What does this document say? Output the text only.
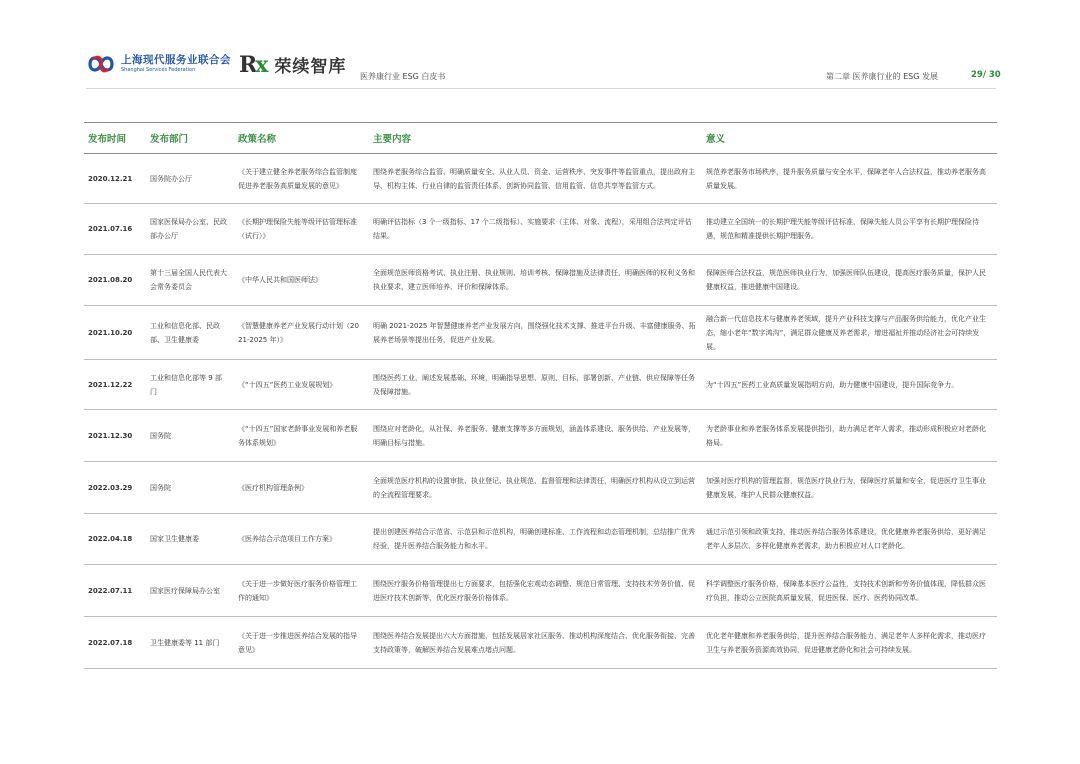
上海现代服务业联合会
Shanghai Services Federation	Rx 荣续智库 医养康行业 ESG 白皮书	第二章 医养康行业的 ESG 发展	29/ 30
发布时间	发布部门	政策名称	主要内容	意义
2020.12.21	国务院办公厅	《关于建立健全养老服务综合监管制度促进养老服务高质量发展的意见》	围绕养老服务综合监管，明确质量安全、从业人员、资金、运营秩序、突发事件等监管重点，提出政府主导、机构主体、行业自律的监管责任体系，创新协同监管、信用监管、信息共享等监管方式。	规范养老服务市场秩序，提升服务质量与安全水平，保障老年人合法权益，推动养老服务高质量发展。
2021.07.16	国家医保局办公室、民政部办公厅	《长期护理保险失能等级评估管理标准（试行）》	明确评估指标（3 个一级指标、17 个二级指标）、实施要求（主体、对象、流程），采用组合法判定评估结果。	推动建立全国统一的长期护理失能等级评估标准，保障失能人员公平享有长期护理保险待遇，规范和精准提供长期护理服务。
2021.08.20	第十三届全国人民代表大会常务委员会	《中华人民共和国医师法》	全面规范医师资格考试、执业注册、执业规则、培训考核、保障措施及法律责任，明确医师的权利义务和执业要求，建立医师培养、评价和保障体系。	保障医师合法权益，规范医师执业行为，加强医师队伍建设，提高医疗服务质量，保护人民健康权益，推进健康中国建设。
2021.10.20	工业和信息化部、民政部、卫生健康委	《智慧健康养老产业发展行动计划（2021-2025 年）》	明确 2021-2025 年智慧健康养老产业发展方向，围绕强化技术支撑、推进平台升级、丰富健康服务、拓展养老场景等提出任务，促进产业发展。	融合新一代信息技术与健康养老领域，提升产业科技支撑与产品服务供给能力，优化产业生态，缩小老年“数字鸿沟”，满足群众健康及养老需求，增进福祉并推动经济社会可持续发展。
2021.12.22	工业和信息化部等 9 部门	《“十四五”医药工业发展规划》	围绕医药工业，阐述发展基础、环境，明确指导思想、原则、目标，部署创新、产业链、供应保障等任务及保障措施。	为“十四五”医药工业高质量发展指明方向，助力健康中国建设，提升国际竞争力。
2021.12.30	国务院	《“十四五”国家老龄事业发展和养老服务体系规划》	围绕应对老龄化，从社保、养老服务、健康支撑等多方面规划，涵盖体系建设、服务供给、产业发展等，明确目标与措施。	为老龄事业和养老服务体系发展提供指引，助力满足老年人需求，推动形成积极应对老龄化格局。
2022.03.29	国务院	《医疗机构管理条例》	全面规范医疗机构的设置审批、执业登记、执业规范、监督管理和法律责任，明确医疗机构从设立到运营的全流程管理要求。	加强对医疗机构的管理监督，规范医疗执业行为，保障医疗质量和安全，促进医疗卫生事业健康发展，维护人民群众健康权益。
2022.04.18	国家卫生健康委	《医养结合示范项目工作方案》	提出创建医养结合示范省、示范县和示范机构，明确创建标准、工作流程和动态管理机制，总结推广优秀经验，提升医养结合服务能力和水平。	通过示范引领和政策支持，推动医养结合服务体系建设，优化健康养老服务供给，更好满足老年人多层次、多样化健康养老需求，助力积极应对人口老龄化。
2022.07.11	国家医疗保障局办公室	《关于进一步做好医疗服务价格管理工作的通知》	围绕医疗服务价格管理提出七方面要求，包括强化宏观动态调整、规范日常管理、支持技术劳务价值、促进医疗技术创新等，优化医疗服务价格体系。	科学调整医疗服务价格，保障基本医疗公益性，支持技术创新和劳务价值体现，降低群众医疗负担，推动公立医院高质量发展，促进医保、医疗、医药协同改革。
2022.07.18	卫生健康委等 11 部门	《关于进一步推进医养结合发展的指导意见》	围绕医养结合发展提出六大方面措施，包括发展居家社区服务、推动机构深度结合、优化服务衔接、完善支持政策等，破解医养结合发展难点堵点问题。	优化老年健康和养老服务供给，提升医养结合服务能力，满足老年人多样化需求，推动医疗卫生与养老服务资源高效协同，促进健康老龄化和社会可持续发展。
